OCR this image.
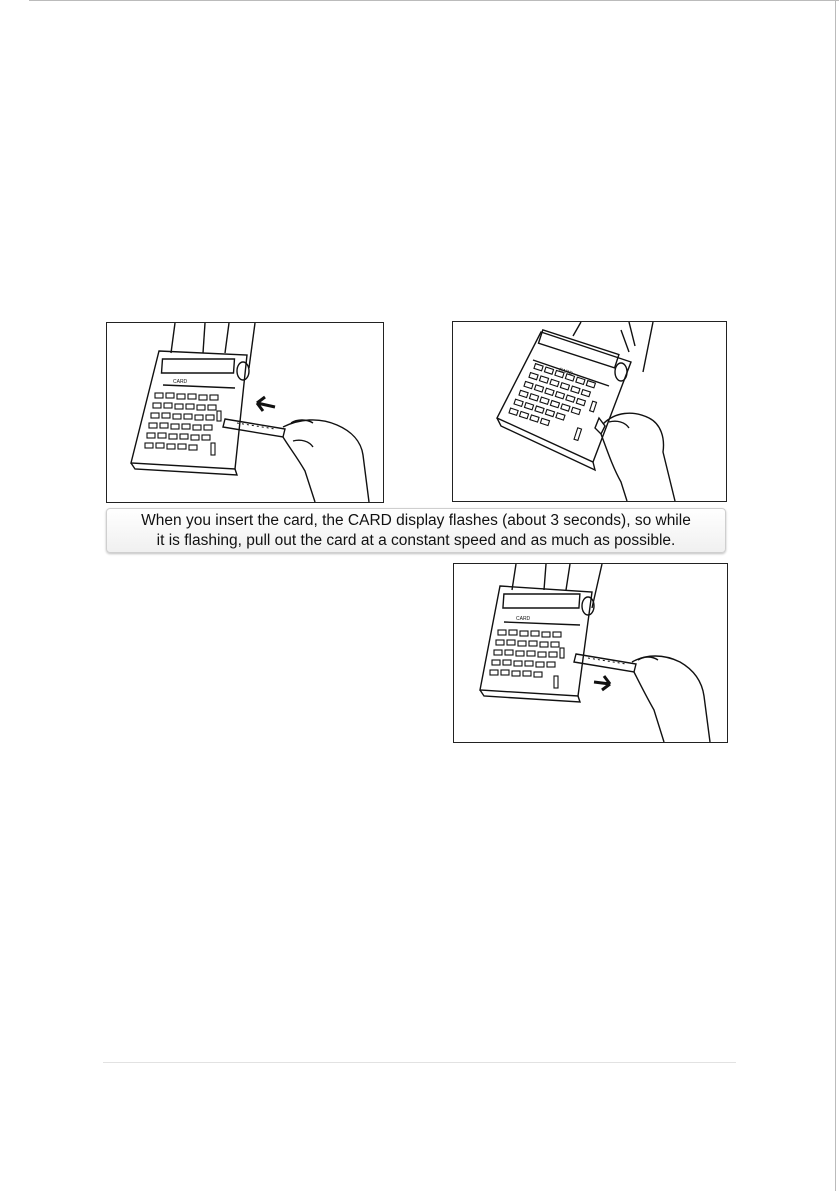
CARD
CARD
When you insert the card, the CARD display flashes (about 3 seconds), so while
it is flashing, pull out the card at a constant speed and as much as possible.
CARD
